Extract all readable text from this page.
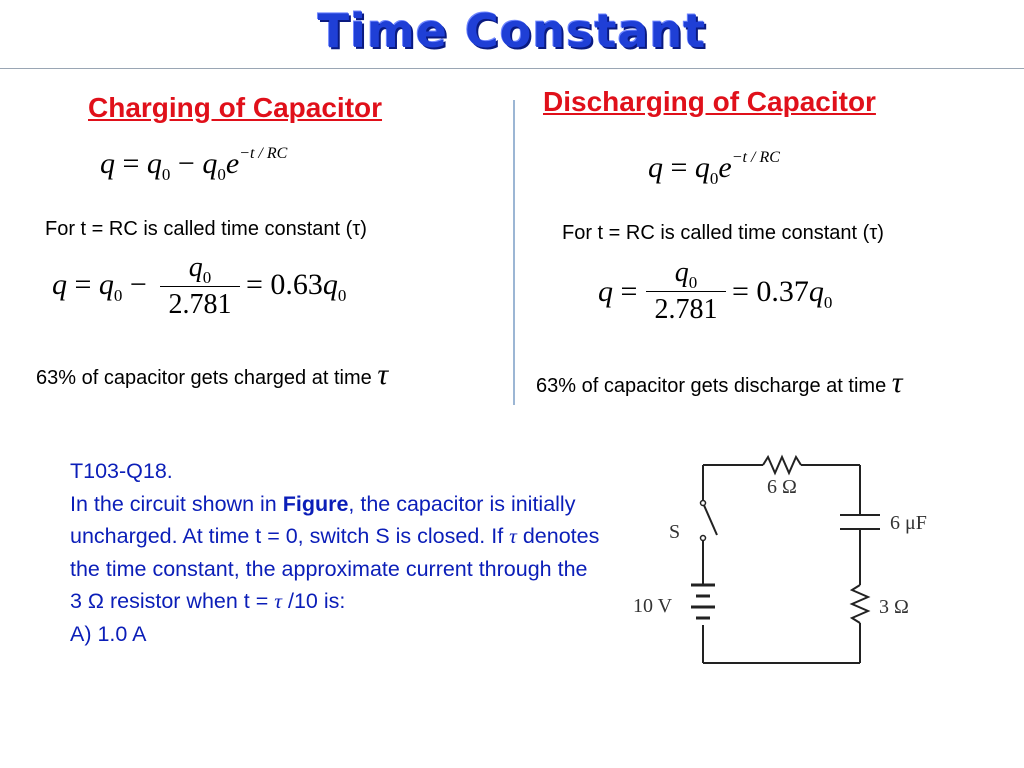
Time Constant
Charging of Capacitor
$q = q_0 - q_0e^{-t / RC}$
For t = RC is called time constant (τ)
$q = q_0$ −
$q_0$
2.781
= $0.63q_0$
63% of capacitor gets charged at time τ
Discharging of Capacitor
$q = q_0e^{-t / RC}$
For t = RC is called time constant (τ)
q =
$q_0$
2.781
= $0.37q_0$
63% of capacitor gets discharge at time τ
T103-Q18.
In the circuit shown in Figure, the capacitor is initially uncharged. At time t = 0, switch S is closed. If τ denotes the time constant, the approximate current through the 3 Ω resistor when t = τ /10 is:
A) 1.0 A
6 Ω
6 μF
3 Ω
S
10 V
